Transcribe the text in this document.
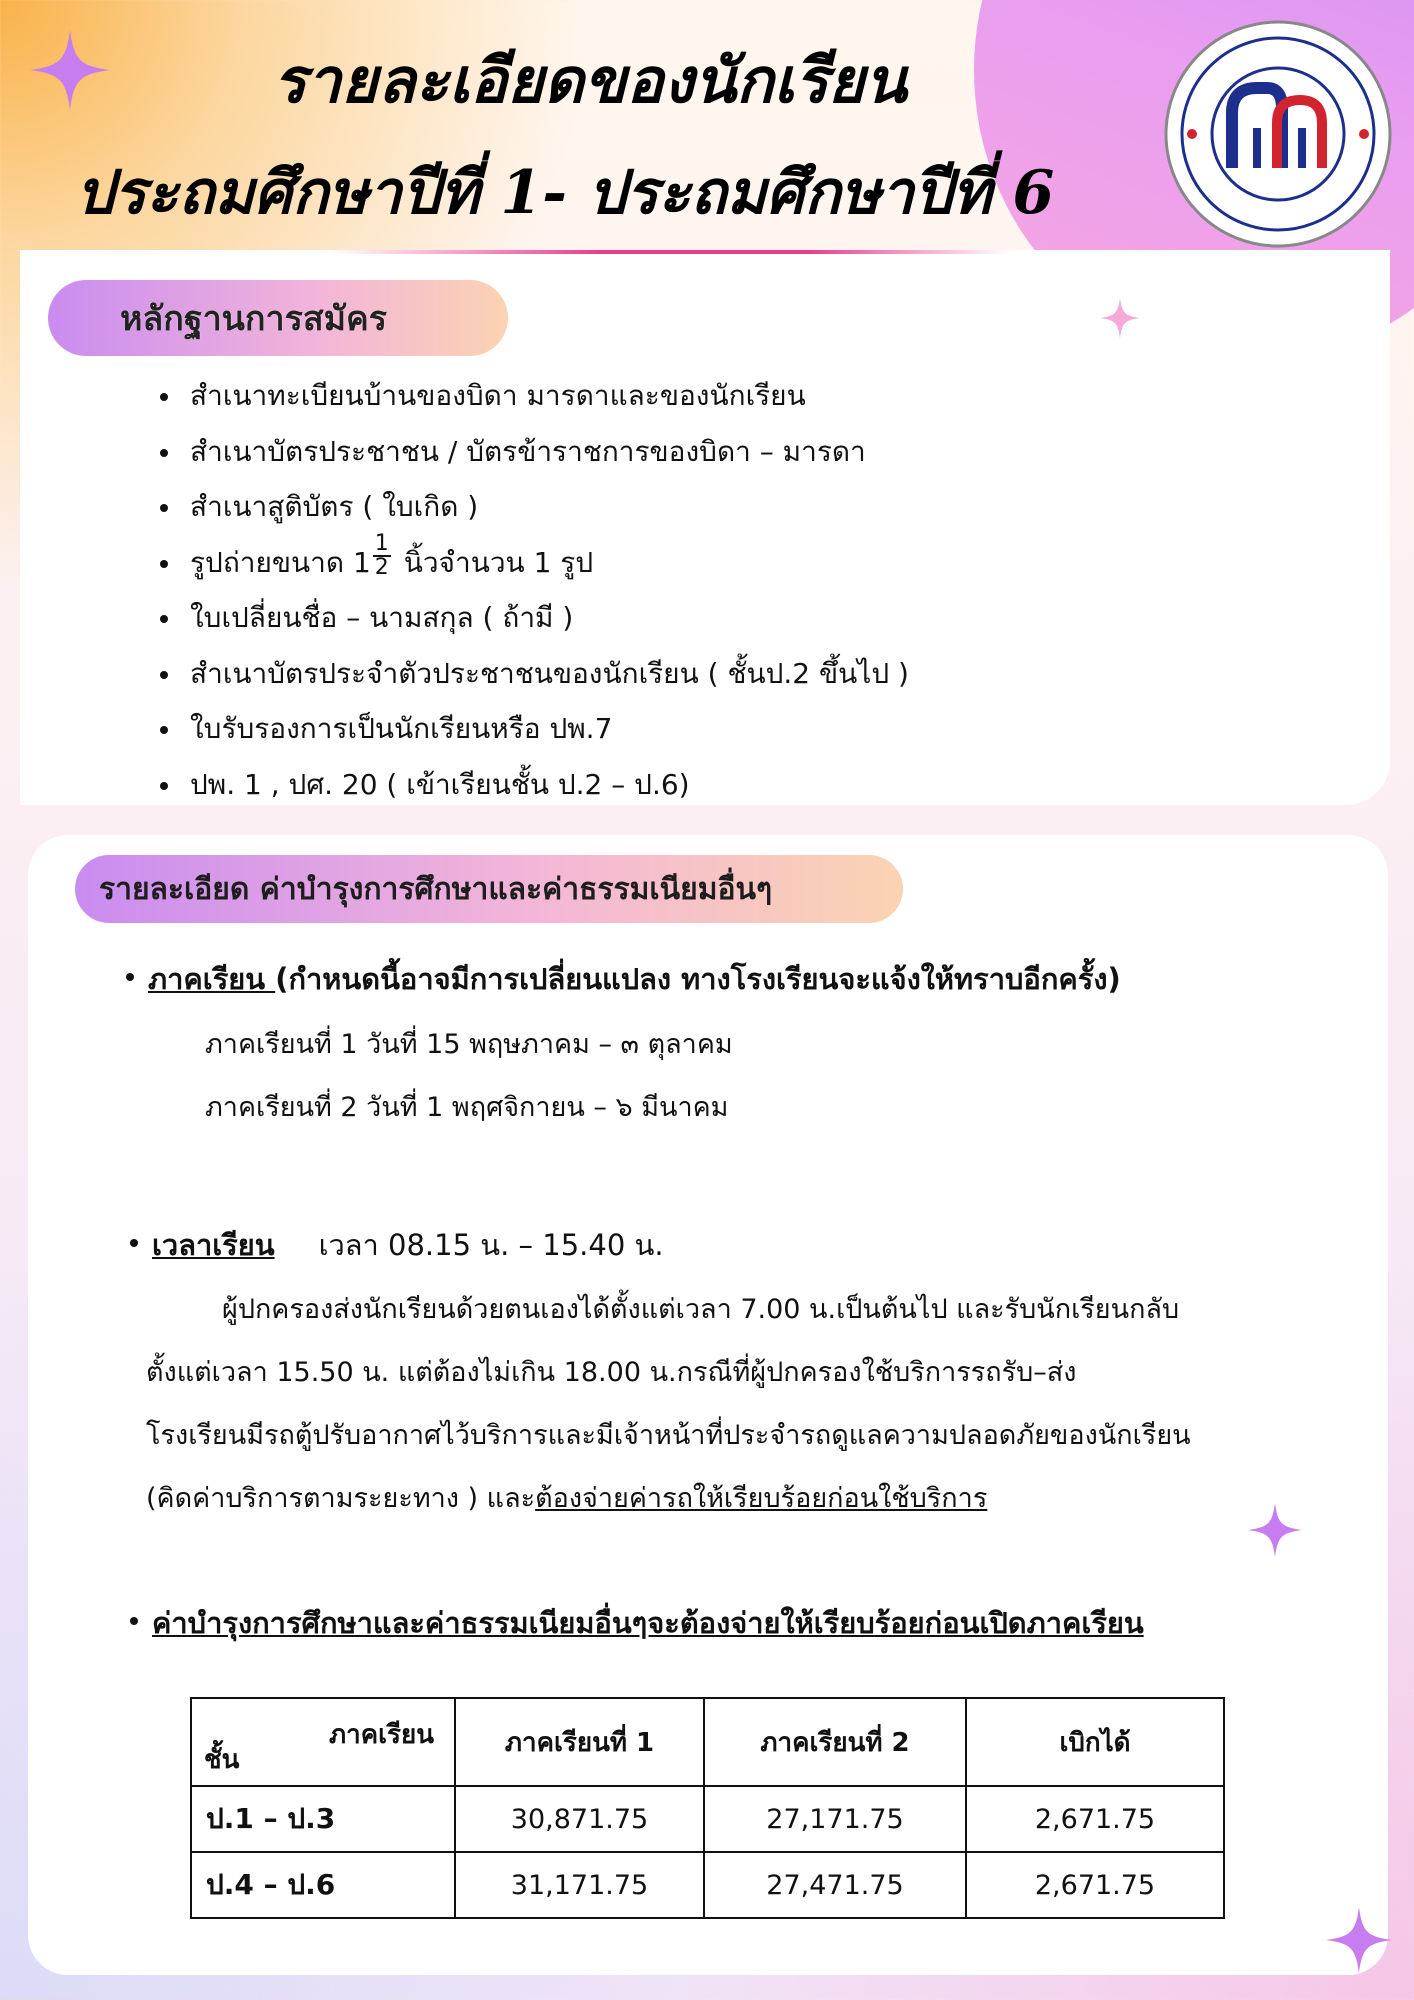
รายละเอียดของนักเรียน
ประถมศึกษาปีที่ 1- ประถมศึกษาปีที่ 6
หลักฐานการสมัคร
สำเนาทะเบียนบ้านของบิดา มารดาและของนักเรียน
สำเนาบัตรประชาชน / บัตรข้าราชการของบิดา – มารดา
สำเนาสูติบัตร ( ใบเกิด )
รูปถ่ายขนาด $1 \frac{1}{2}$ นิ้วจำนวน 1 รูป
ใบเปลี่ยนชื่อ – นามสกุล ( ถ้ามี )
สำเนาบัตรประจำตัวประชาชนของนักเรียน ( ชั้นป.2 ขึ้นไป )
ใบรับรองการเป็นนักเรียนหรือ ปพ.7
ปพ. 1 , ปศ. 20 ( เข้าเรียนชั้น ป.2 – ป.6)
รายละเอียด ค่าบำรุงการศึกษาและค่าธรรมเนียมอื่นๆ
ภาคเรียน (กำหนดนี้อาจมีการเปลี่ยนแปลง ทางโรงเรียนจะแจ้งให้ทราบอีกครั้ง)
ภาคเรียนที่ 1 วันที่ 15 พฤษภาคม – ๓ ตุลาคม
ภาคเรียนที่ 2 วันที่ 1 พฤศจิกายน – ๖ มีนาคม
เวลาเรียน เวลา 08.15 น. – 15.40 น.
ผู้ปกครองส่งนักเรียนด้วยตนเองได้ตั้งแต่เวลา 7.00 น.เป็นต้นไป และรับนักเรียนกลับ
ตั้งแต่เวลา 15.50 น. แต่ต้องไม่เกิน 18.00 น.กรณีที่ผู้ปกครองใช้บริการรถรับ–ส่ง
โรงเรียนมีรถตู้ปรับอากาศไว้บริการและมีเจ้าหน้าที่ประจำรถดูแลความปลอดภัยของนักเรียน
(คิดค่าบริการตามระยะทาง ) และต้องจ่ายค่ารถให้เรียบร้อยก่อนใช้บริการ
ค่าบำรุงการศึกษาและค่าธรรมเนียมอื่นๆจะต้องจ่ายให้เรียบร้อยก่อนเปิดภาคเรียน
ภาคเรียน
ชั้น	ภาคเรียนที่ 1	ภาคเรียนที่ 2	เบิกได้
ป.1 – ป.3	30,871.75	27,171.75	2,671.75
ป.4 – ป.6	31,171.75	27,471.75	2,671.75
